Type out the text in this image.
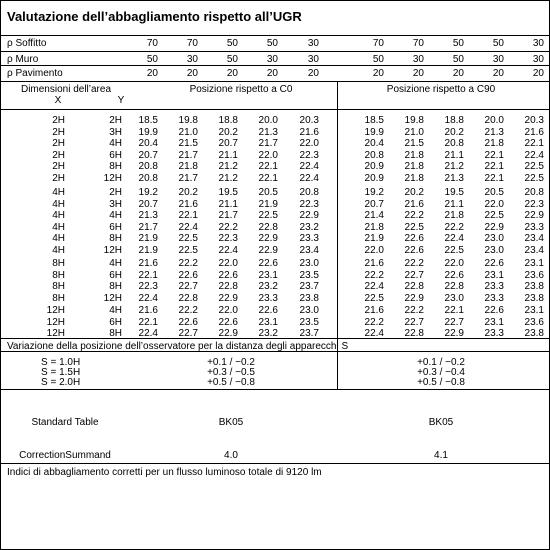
Valutazione dell’abbagliamento rispetto all’UGR
ρ Soffitto	70	70	50	50	30	70	70	50	50	30
ρ Muro	50	30	50	30	30	50	30	50	30	30
ρ Pavimento	20	20	20	20	20	20	20	20	20	20
Dimensioni dell’area
X	Y
Posizione rispetto a C0	Posizione rispetto a C90
2H	2H	18.5	19.8	18.8	20.0	20.3	18.5	19.8	18.8	20.0	20.3
2H	3H	19.9	21.0	20.2	21.3	21.6	19.9	21.0	20.2	21.3	21.6
2H	4H	20.4	21.5	20.7	21.7	22.0	20.4	21.5	20.8	21.8	22.1
2H	6H	20.7	21.7	21.1	22.0	22.3	20.8	21.8	21.1	22.1	22.4
2H	8H	20.8	21.8	21.2	22.1	22.4	20.9	21.8	21.2	22.1	22.5
2H	12H	20.8	21.7	21.2	22.1	22.4	20.9	21.8	21.3	22.1	22.5
4H	2H	19.2	20.2	19.5	20.5	20.8	19.2	20.2	19.5	20.5	20.8
4H	3H	20.7	21.6	21.1	21.9	22.3	20.7	21.6	21.1	22.0	22.3
4H	4H	21.3	22.1	21.7	22.5	22.9	21.4	22.2	21.8	22.5	22.9
4H	6H	21.7	22.4	22.2	22.8	23.2	21.8	22.5	22.2	22.9	23.3
4H	8H	21.9	22.5	22.3	22.9	23.3	21.9	22.6	22.4	23.0	23.4
4H	12H	21.9	22.5	22.4	22.9	23.4	22.0	22.6	22.5	23.0	23.4
8H	4H	21.6	22.2	22.0	22.6	23.0	21.6	22.2	22.0	22.6	23.1
8H	6H	22.1	22.6	22.6	23.1	23.5	22.2	22.7	22.6	23.1	23.6
8H	8H	22.3	22.7	22.8	23.2	23.7	22.4	22.8	22.8	23.3	23.8
8H	12H	22.4	22.8	22.9	23.3	23.8	22.5	22.9	23.0	23.3	23.8
12H	4H	21.6	22.2	22.0	22.6	23.0	21.6	22.2	22.1	22.6	23.1
12H	6H	22.1	22.6	22.6	23.1	23.5	22.2	22.7	22.7	23.1	23.6
12H	8H	22.4	22.7	22.9	23.2	23.7	22.4	22.8	22.9	23.3	23.8
Variazione della posizione dell’osservatore per la distanza degli apparecchi S
S = 1.0H	+0.1 / −0.2	+0.1 / −0.2
S = 1.5H	+0.3 / −0.5	+0.3 / −0.4
S = 2.0H	+0.5 / −0.8	+0.5 / −0.8
Standard Table	BK05	BK05
CorrectionSummand	4.0	4.1
Indici di abbagliamento corretti per un flusso luminoso totale di 9120 lm
